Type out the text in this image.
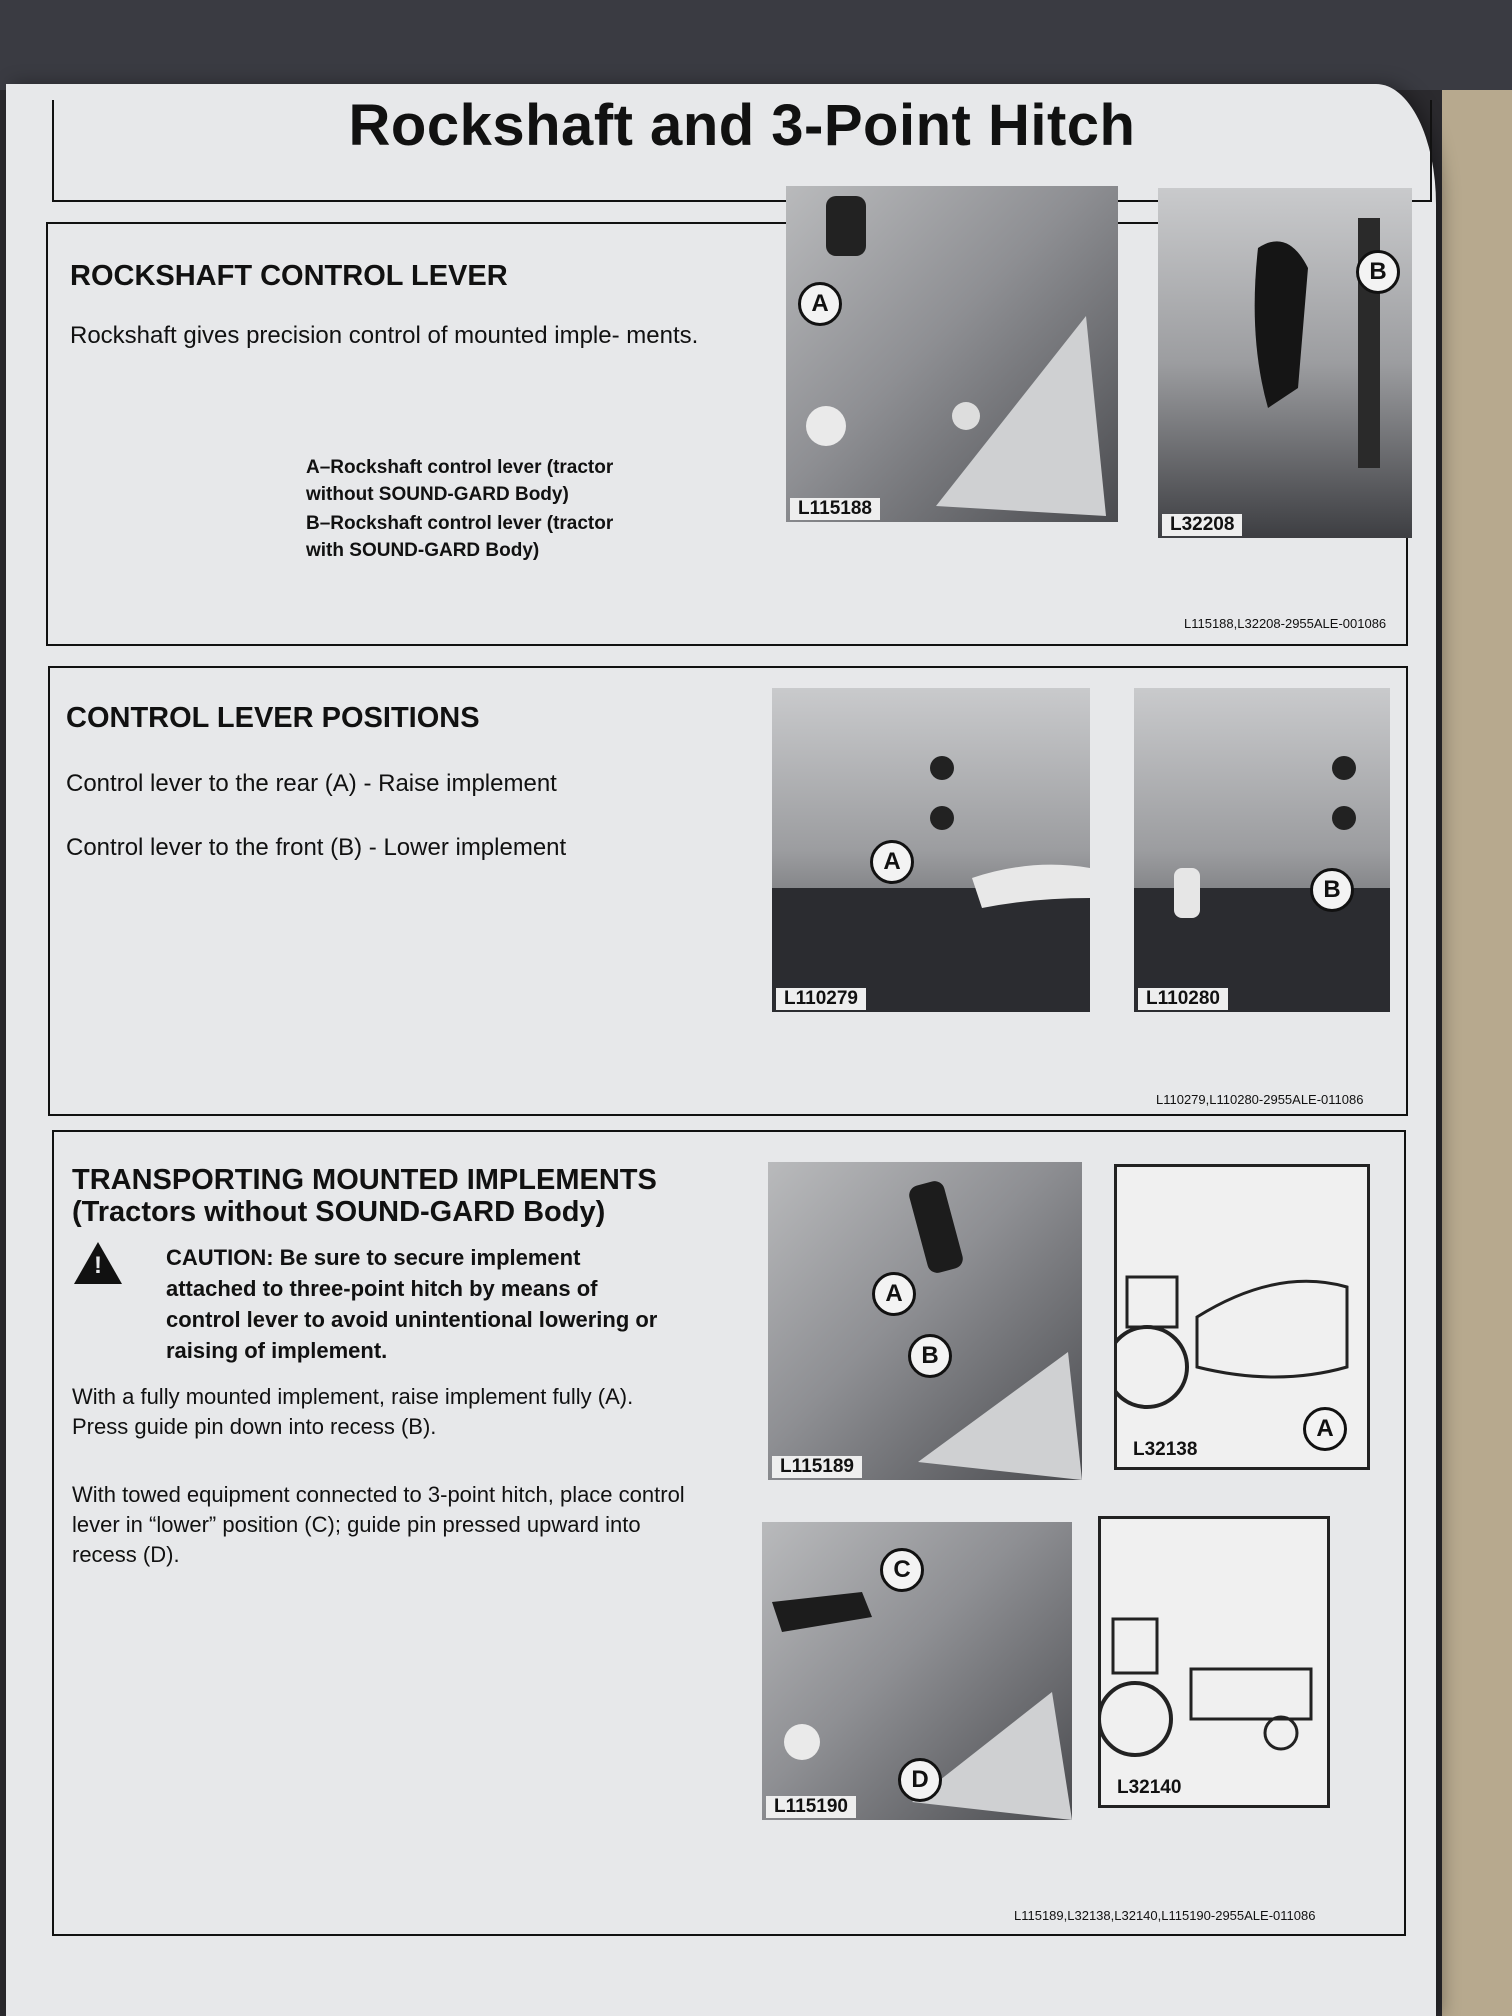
Rockshaft and 3-Point Hitch
ROCKSHAFT CONTROL LEVER

Rockshaft gives precision control of mounted imple- ments.

A–Rockshaft control lever (tractor without SOUND-GARD Body)

B–Rockshaft control lever (tractor with SOUND-GARD Body)

A
L115188
B
L32208
L115188,L32208-2955ALE-001086
CONTROL LEVER POSITIONS

Control lever to the rear (A) - Raise implement

Control lever to the front (B) - Lower implement

A
L110279
B
L110280
L110279,L110280-2955ALE-011086
TRANSPORTING MOUNTED IMPLEMENTS
(Tractors without SOUND-GARD Body)
!	CAUTION: Be sure to secure implement attached to three-point hitch by means of control lever to avoid unintentional lowering or raising of implement.

With a fully mounted implement, raise implement fully (A). Press guide pin down into recess (B).

With towed equipment connected to 3-point hitch, place control lever in “lower” position (C); guide pin pressed upward into recess (D).

A
B
L115189
A
L32138
C
D
L115190
L32140
L115189,L32138,L32140,L115190-2955ALE-011086
